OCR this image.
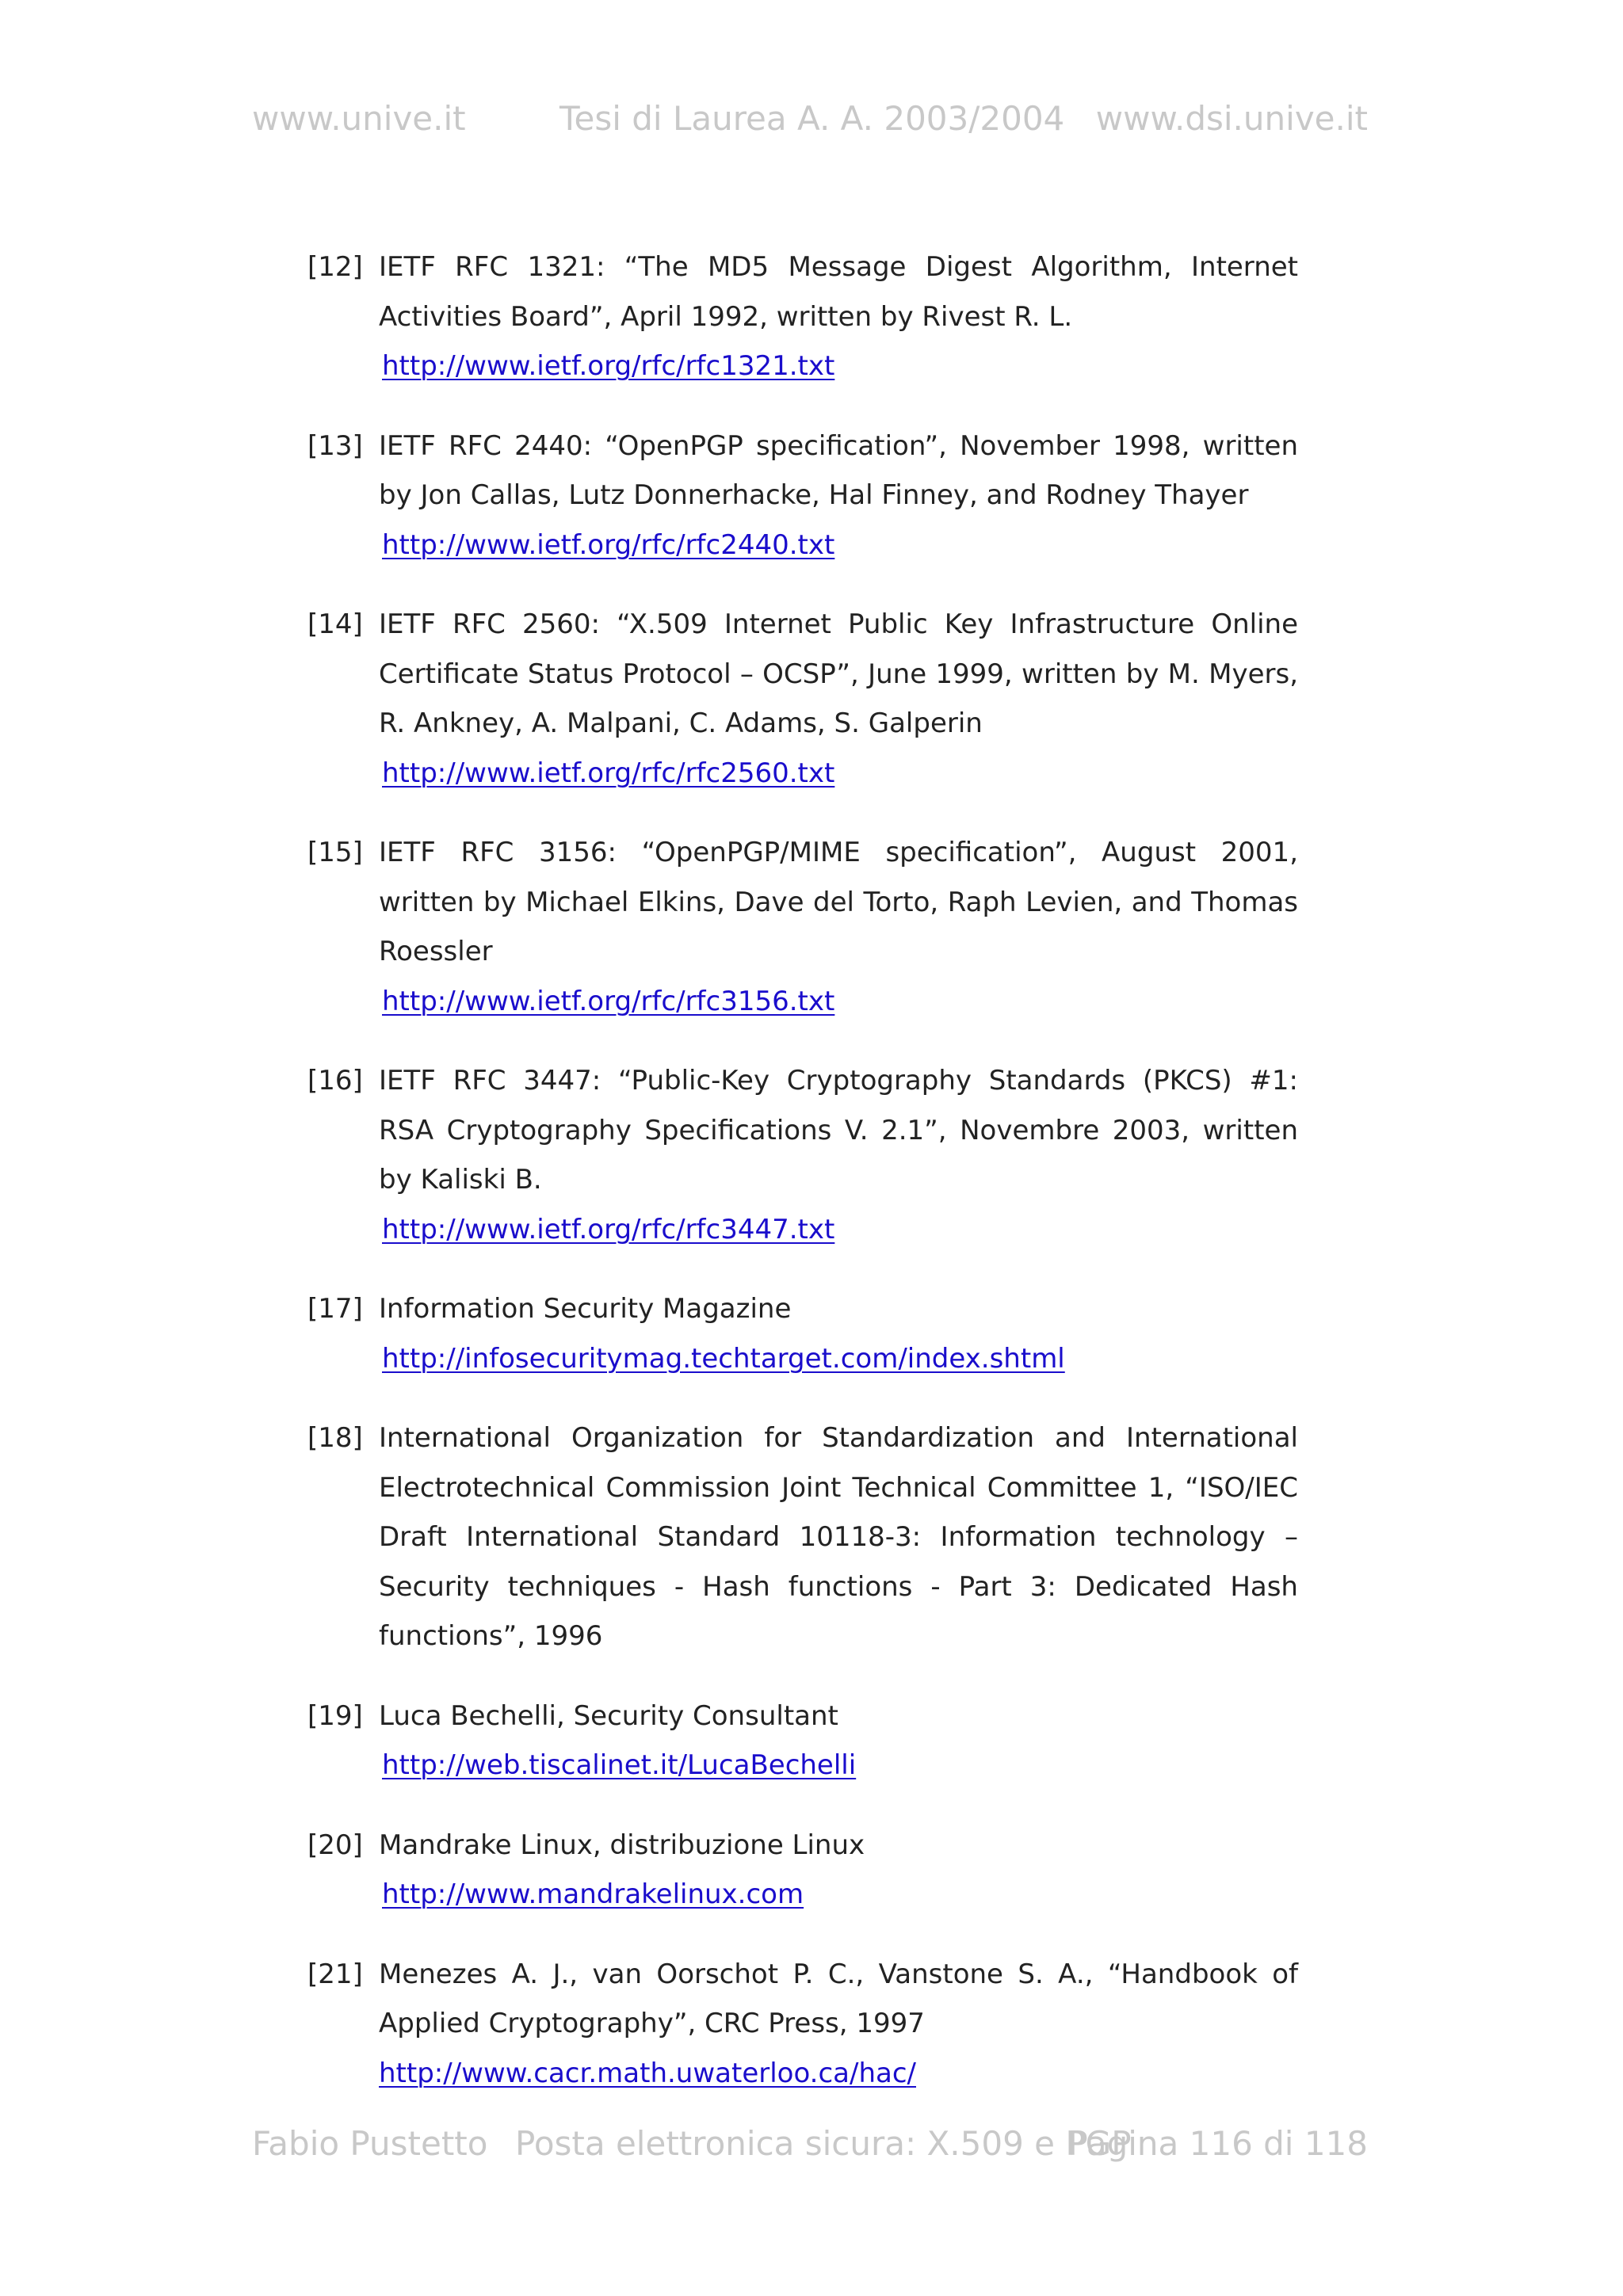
www.unive.it	Tesi di Laurea A. A. 2003/2004 www.dsi.unive.it
[12] IETF RFC 1321: “The MD5 Message Digest Algorithm, Internet Activities Board”, April 1992, written by Rivest R. L.
http://www.ietf.org/rfc/rfc1321.txt
[13] IETF RFC 2440: “OpenPGP specification”, November 1998, written by Jon Callas, Lutz Donnerhacke, Hal Finney, and Rodney Thayer
http://www.ietf.org/rfc/rfc2440.txt
[14] IETF RFC 2560: “X.509 Internet Public Key Infrastructure Online Certificate Status Protocol – OCSP”, June 1999, written by M. Myers, R. Ankney, A. Malpani, C. Adams, S. Galperin
http://www.ietf.org/rfc/rfc2560.txt
[15] IETF RFC 3156: “OpenPGP/MIME specification”, August 2001, written by Michael Elkins, Dave del Torto, Raph Levien, and Thomas Roessler
http://www.ietf.org/rfc/rfc3156.txt
[16] IETF RFC 3447: “Public-Key Cryptography Standards (PKCS) #1: RSA Cryptography Specifications V. 2.1”, Novembre 2003, written by Kaliski B.
http://www.ietf.org/rfc/rfc3447.txt
[17] Information Security Magazine
http://infosecuritymag.techtarget.com/index.shtml
[18] International Organization for Standardization and International Electrotechnical Commission Joint Technical Committee 1, “ISO/IEC Draft International Standard 10118-3: Information technology – Security techniques - Hash functions - Part 3: Dedicated Hash functions”, 1996
[19] Luca Bechelli, Security Consultant
http://web.tiscalinet.it/LucaBechelli
[20] Mandrake Linux, distribuzione Linux
http://www.mandrakelinux.com
[21] Menezes A. J., van Oorschot P. C., Vanstone S. A., “Handbook of Applied Cryptography”, CRC Press, 1997
http://www.cacr.math.uwaterloo.ca/hac/
Fabio Pustetto Posta elettronica sicura: X.509 e PGP
Pagina 116 di 118
